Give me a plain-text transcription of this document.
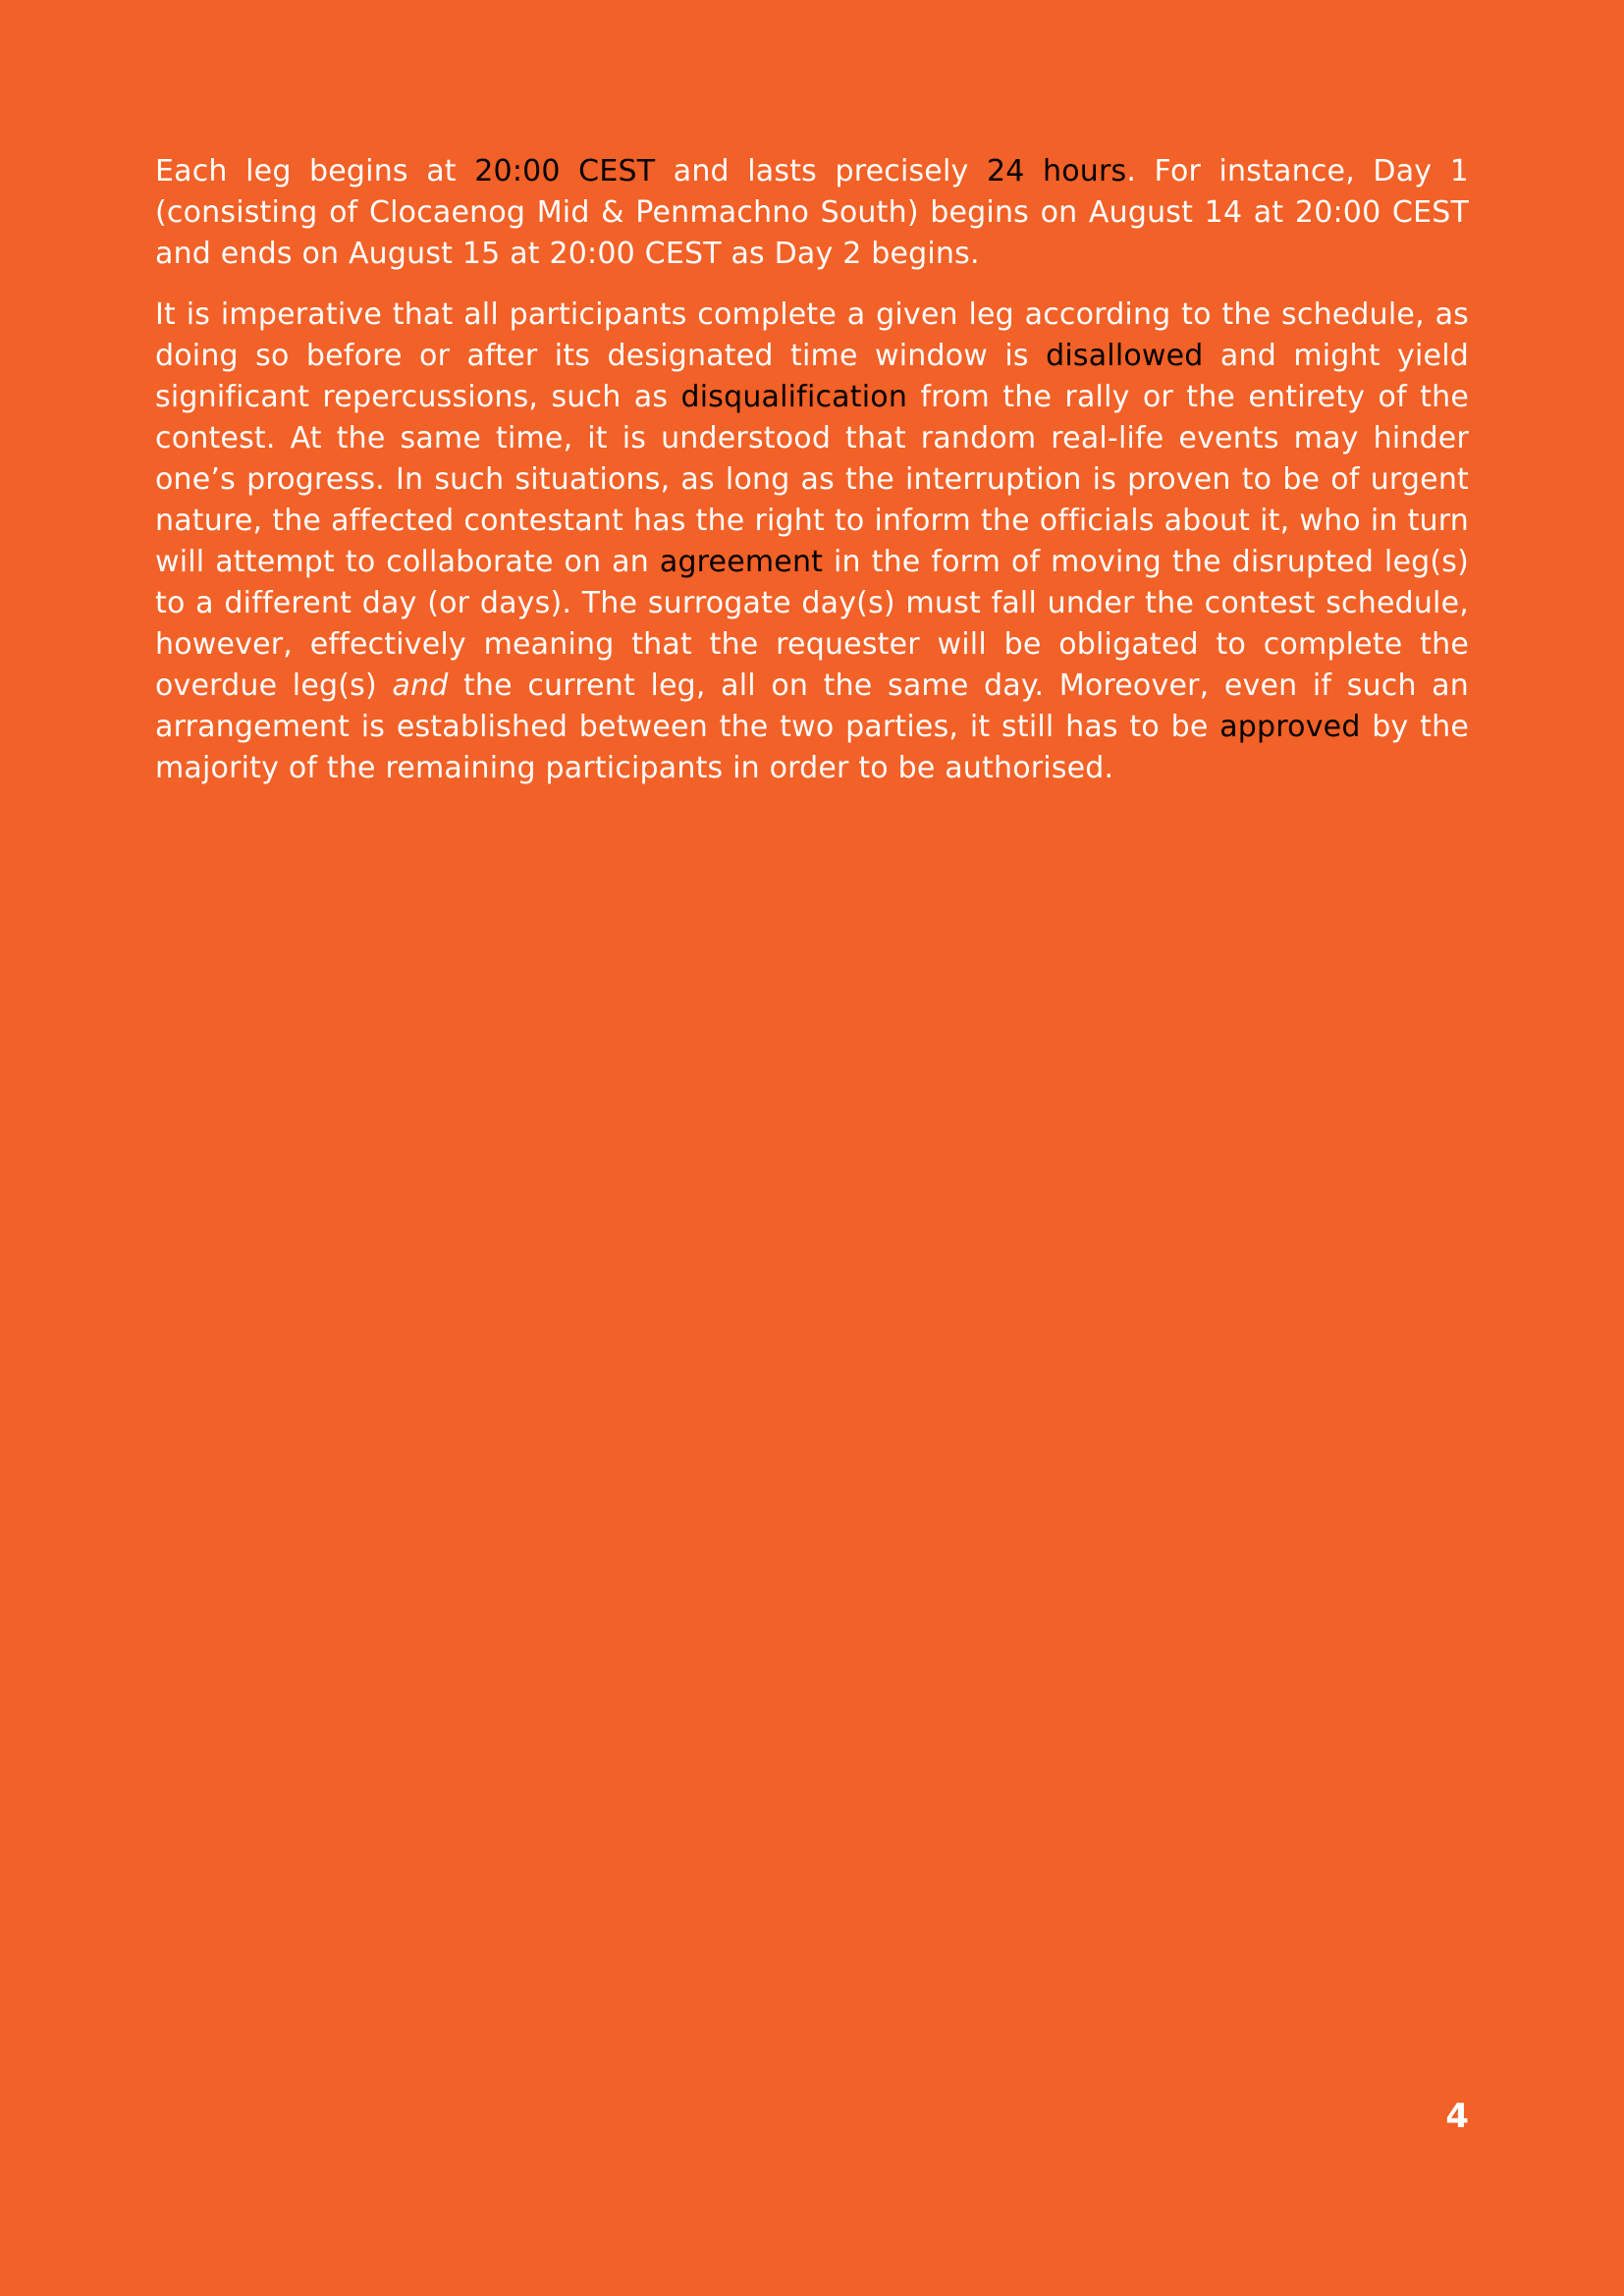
Each leg begins at 20:00 CEST and lasts precisely 24 hours. For instance, Day 1 (consisting of Clocaenog Mid & Penmachno South) begins on August 14 at 20:00 CEST and ends on August 15 at 20:00 CEST as Day 2 begins.

It is imperative that all participants complete a given leg according to the schedule, as doing so before or after its designated time window is disallowed and might yield significant repercussions, such as disqualification from the rally or the entirety of the contest. At the same time, it is understood that random real-life events may hinder one’s progress. In such situations, as long as the interruption is proven to be of urgent nature, the affected contestant has the right to inform the officials about it, who in turn will attempt to collaborate on an agreement in the form of moving the disrupted leg(s) to a different day (or days). The surrogate day(s) must fall under the contest schedule, however, effectively meaning that the requester will be obligated to complete the overdue leg(s) and the current leg, all on the same day. Moreover, even if such an arrangement is established between the two parties, it still has to be approved by the majority of the remaining participants in order to be authorised.

4
